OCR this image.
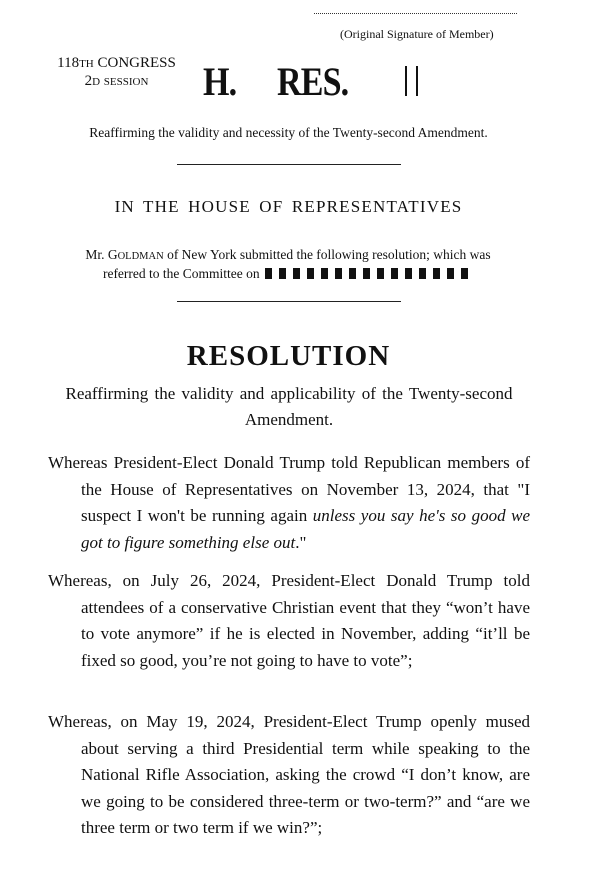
(Original Signature of Member)
118TH CONGRESS
2D SESSION	H. RES.
Reaffirming the validity and necessity of the Twenty-second Amendment.
IN THE HOUSE OF REPRESENTATIVES
Mr. GOLDMAN of New York submitted the following resolution; which was
referred to the Committee on
RESOLUTION
Reaffirming the validity and applicability of the Twenty-second Amendment.
Whereas President-Elect Donald Trump told Republican members of the House of Representatives on November 13, 2024, that "I suspect I won't be running again unless you say he's so good we got to figure something else out."
Whereas, on July 26, 2024, President-Elect Donald Trump told attendees of a conservative Christian event that they “won’t have to vote anymore” if he is elected in November, adding “it’ll be fixed so good, you’re not going to have to vote”;
Whereas, on May 19, 2024, President-Elect Trump openly mused about serving a third Presidential term while speaking to the National Rifle Association, asking the crowd “I don’t know, are we going to be considered three-term or two-term?” and “are we three term or two term if we win?”;
